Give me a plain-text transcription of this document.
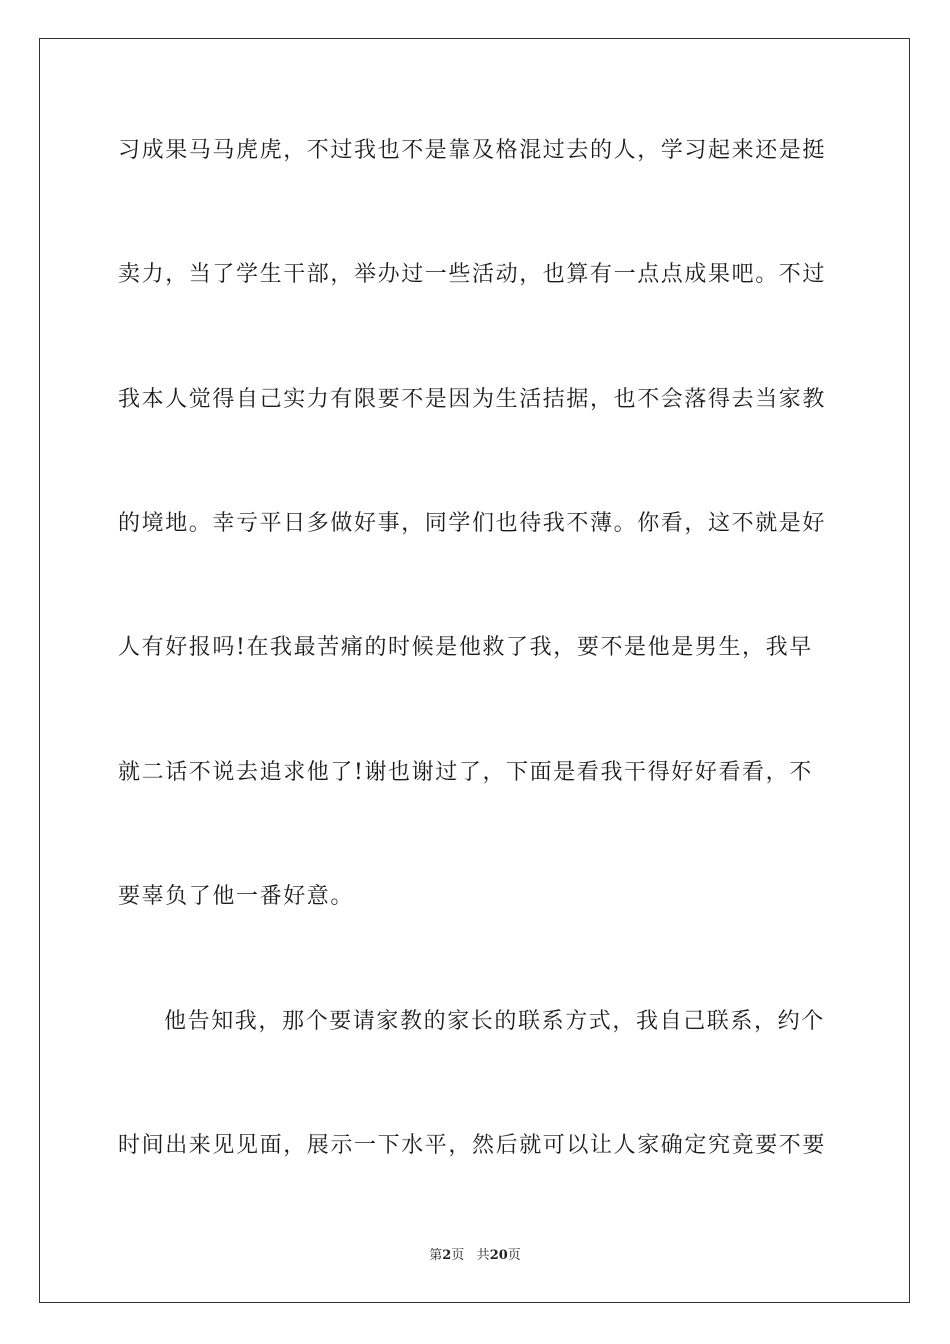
习成果马马虎虎，不过我也不是靠及格混过去的人，学习起来还是挺
卖力，当了学生干部，举办过一些活动，也算有一点点成果吧。不过
我本人觉得自己实力有限要不是因为生活拮据，也不会落得去当家教
的境地。幸亏平日多做好事，同学们也待我不薄。你看，这不就是好
人有好报吗!在我最苦痛的时候是他救了我，要不是他是男生，我早
就二话不说去追求他了!谢也谢过了，下面是看我干得好好看看，不
要辜负了他一番好意。
他告知我，那个要请家教的家长的联系方式，我自己联系，约个
时间出来见见面，展示一下水平，然后就可以让人家确定究竟要不要
第2页 共20页
